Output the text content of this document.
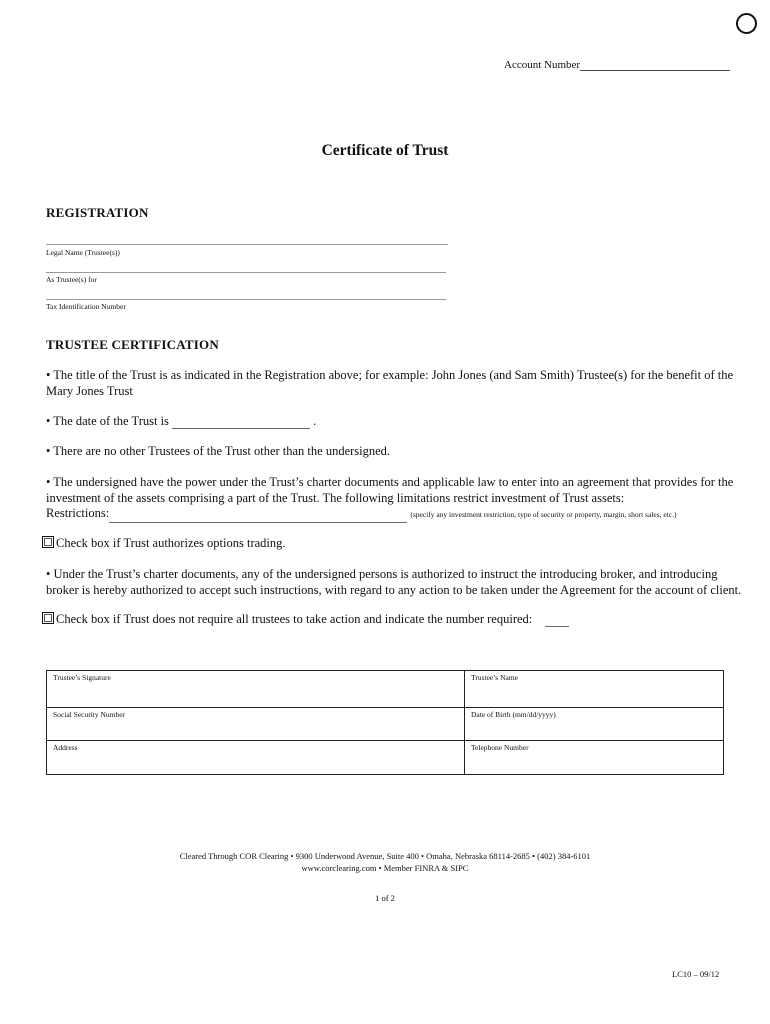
Account Number
Certificate of Trust
REGISTRATION
Legal Name (Trustee(s))
As Trustee(s) for
Tax Identification Number
TRUSTEE CERTIFICATION
• The title of the Trust is as indicated in the Registration above; for example: John Jones (and Sam Smith) Trustee(s) for the benefit of the Mary Jones Trust
• The date of the Trust is	.
• There are no other Trustees of the Trust other than the undersigned.
• The undersigned have the power under the Trust’s charter documents and applicable law to enter into an agreement that provides for the investment of the assets comprising a part of the Trust. The following limitations restrict investment of Trust assets:
Restrictions:	(specify any investment restriction, type of security or property, margin, short sales, etc.)
Check box if Trust authorizes options trading.
• Under the Trust’s charter documents, any of the undersigned persons is authorized to instruct the introducing broker, and introducing broker is hereby authorized to accept such instructions, with regard to any action to be taken under the Agreement for the account of client.
Check box if Trust does not require all trustees to take action and indicate the number required:
Trustee’s Signature	Trustee’s Name
Social Security Number	Date of Birth (mm/dd/yyyy)
Address	Telephone Number
Cleared Through COR Clearing • 9300 Underwood Avenue, Suite 400 • Omaha, Nebraska 68114-2685 • (402) 384-6101
www.corclearing.com • Member FINRA & SIPC
1 of 2
LC10 – 09/12
